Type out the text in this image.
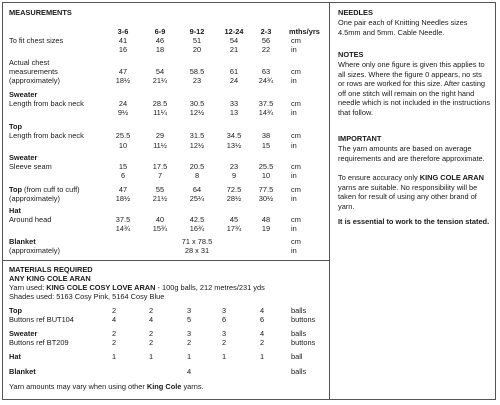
MEASUREMENTS
3-6	6-9	9-12	12-24	2-3	mths/yrs
To fit chest sizes	41	46	51	54	56	cm
16	18	20	21	22	in
Actual chest
measurements
(approximately)
47	54	58.5	61	63	cm
18½	21¼	23	24	24¾	in
Sweater
Length from back neck	24	28.5	30.5	33	37.5	cm
9½	11¼	12½	13	14¾	in
Top
Length from back neck	25.5	29	31.5	34.5	38	cm
10	11½	12½	13½	15	in
Sweater
Sleeve seam	15	17.5	20.5	23	25.5	cm
6	7	8	9	10	in
Top (from cuff to cuff)
(approximately)
47	55	64	72.5	77.5	cm
18½	21½	25¼	28½	30½	in
Hat
Around head	37.5	40	42.5	45	48	cm
14¾	15¾	16¾	17¾	19	in
Blanket
(approximately)
71 x 78.5	cm
28 x 31	in
MATERIALS REQUIRED
ANY KING COLE ARAN
Yarn used: KING COLE COSY LOVE ARAN - 100g balls, 212 metres/231 yds
Shades used: 5163 Cosy Pink, 5164 Cosy Blue
Top	2	2	3	3	4	balls
Buttons ref BUT104	4	4	5	6	6	buttons
Sweater	2	2	3	3	4	balls
Buttons ref BT209	2	2	2	2	2	buttons
Hat	1	1	1	1	1	ball
Blanket	4	balls
Yarn amounts may vary when using other King Cole yarns.
NEEDLES
One pair each of Knitting Needles sizes 4.5mm and 5mm. Cable Needle.
NOTES
Where only one figure is given this applies to all sizes. Where the figure 0 appears, no sts or rows are worked for this size. After casting off one stitch will remain on the right hand needle which is not included in the instructions that follow.
IMPORTANT
The yarn amounts are based on average requirements and are therefore approximate.
To ensure accuracy only KING COLE ARAN yarns are suitable. No responsibility will be taken for result of using any other brand of yarn.
It is essential to work to the tension stated.
